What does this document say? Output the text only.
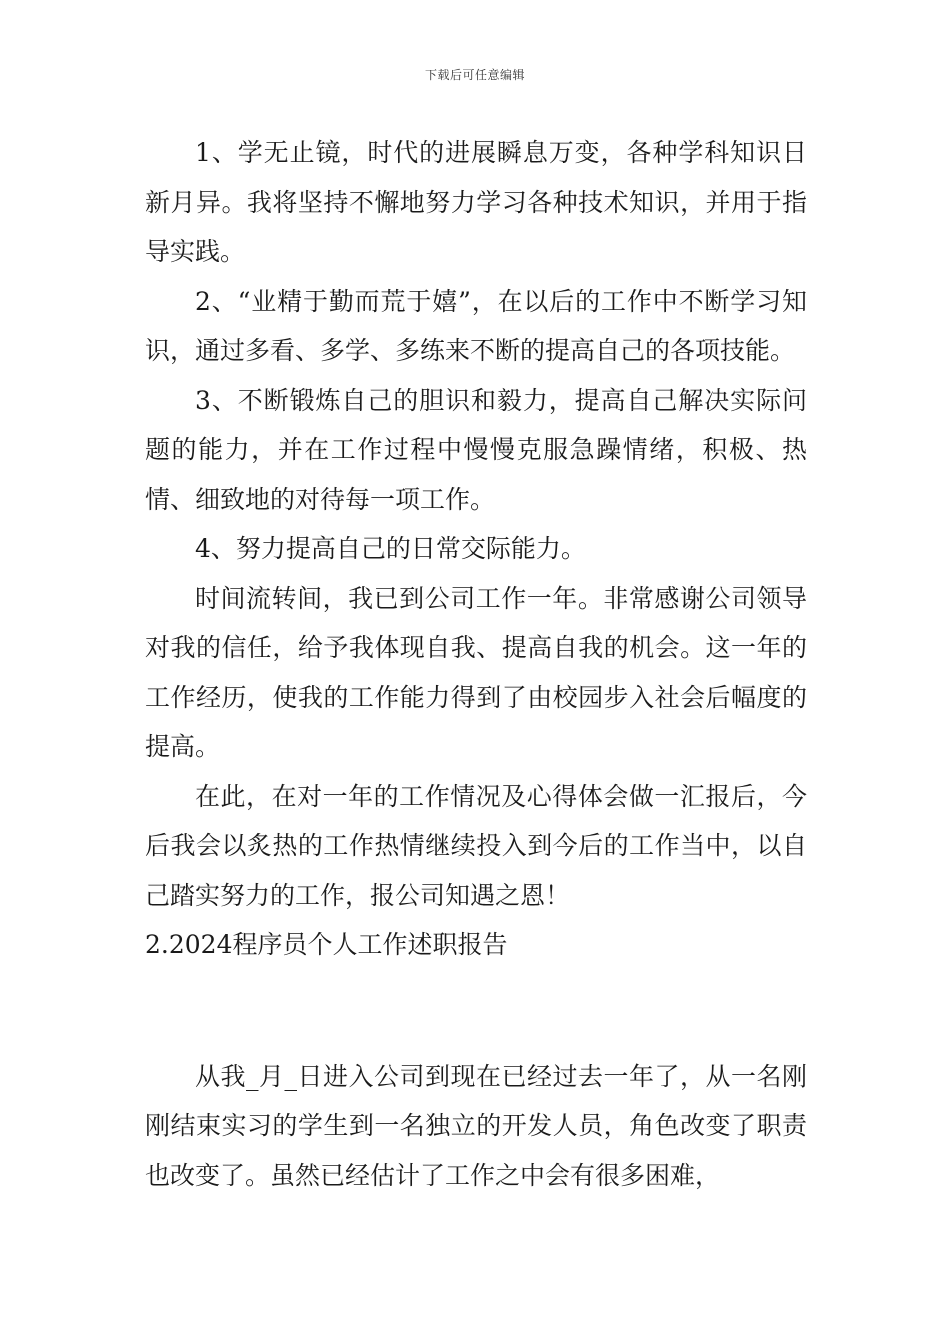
下载后可任意编辑

1、学无止镜，时代的进展瞬息万变，各种学科知识日新月异。我将坚持不懈地努力学习各种技术知识，并用于指导实践。

2、“业精于勤而荒于嬉”，在以后的工作中不断学习知识，通过多看、多学、多练来不断的提高自己的各项技能。

3、不断锻炼自己的胆识和毅力，提高自己解决实际问题的能力，并在工作过程中慢慢克服急躁情绪，积极、热情、细致地的对待每一项工作。

4、努力提高自己的日常交际能力。

时间流转间，我已到公司工作一年。非常感谢公司领导对我的信任，给予我体现自我、提高自我的机会。这一年的工作经历，使我的工作能力得到了由校园步入社会后幅度的提高。

在此，在对一年的工作情况及心得体会做一汇报后，今后我会以炙热的工作热情继续投入到今后的工作当中，以自己踏实努力的工作，报公司知遇之恩！

2.2024程序员个人工作述职报告

从我_月_日进入公司到现在已经过去一年了，从一名刚刚结束实习的学生到一名独立的开发人员，角色改变了职责也改变了。虽然已经估计了工作之中会有很多困难，
